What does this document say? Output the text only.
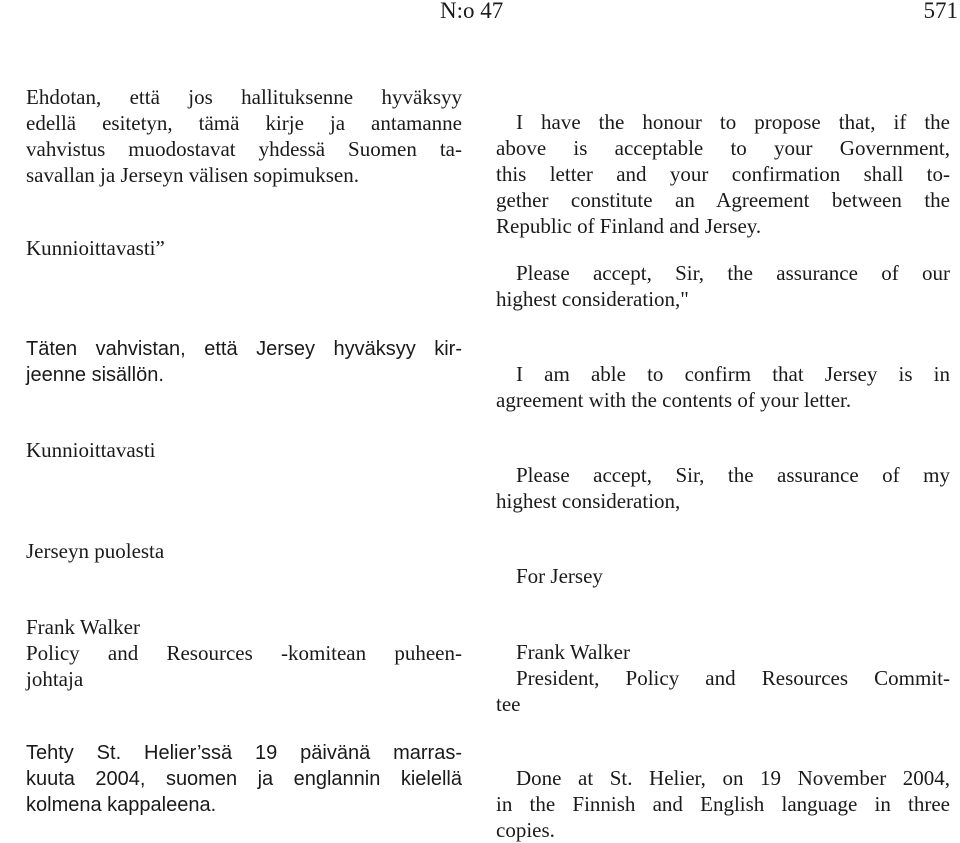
N:o 47	571
Ehdotan, että jos hallituksenne hyväksyy
edellä esitetyn, tämä kirje ja antamanne
vahvistus muodostavat yhdessä Suomen ta-
savallan ja Jerseyn välisen sopimuksen.
Kunnioittavasti”
Täten vahvistan, että Jersey hyväksyy kir-
jeenne sisällön.
Kunnioittavasti
Jerseyn puolesta
Frank Walker
Policy and Resources -komitean puheen-
johtaja
Tehty St. Helier’ssä 19 päivänä marras-
kuuta 2004, suomen ja englannin kielellä
kolmena kappaleena.
I have the honour to propose that, if the
above is acceptable to your Government,
this letter and your confirmation shall to-
gether constitute an Agreement between the
Republic of Finland and Jersey.
Please accept, Sir, the assurance of our
highest consideration,"
I am able to confirm that Jersey is in
agreement with the contents of your letter.
Please accept, Sir, the assurance of my
highest consideration,
For Jersey
Frank Walker
President, Policy and Resources Commit-
tee
Done at St. Helier, on 19 November 2004,
in the Finnish and English language in three
copies.
